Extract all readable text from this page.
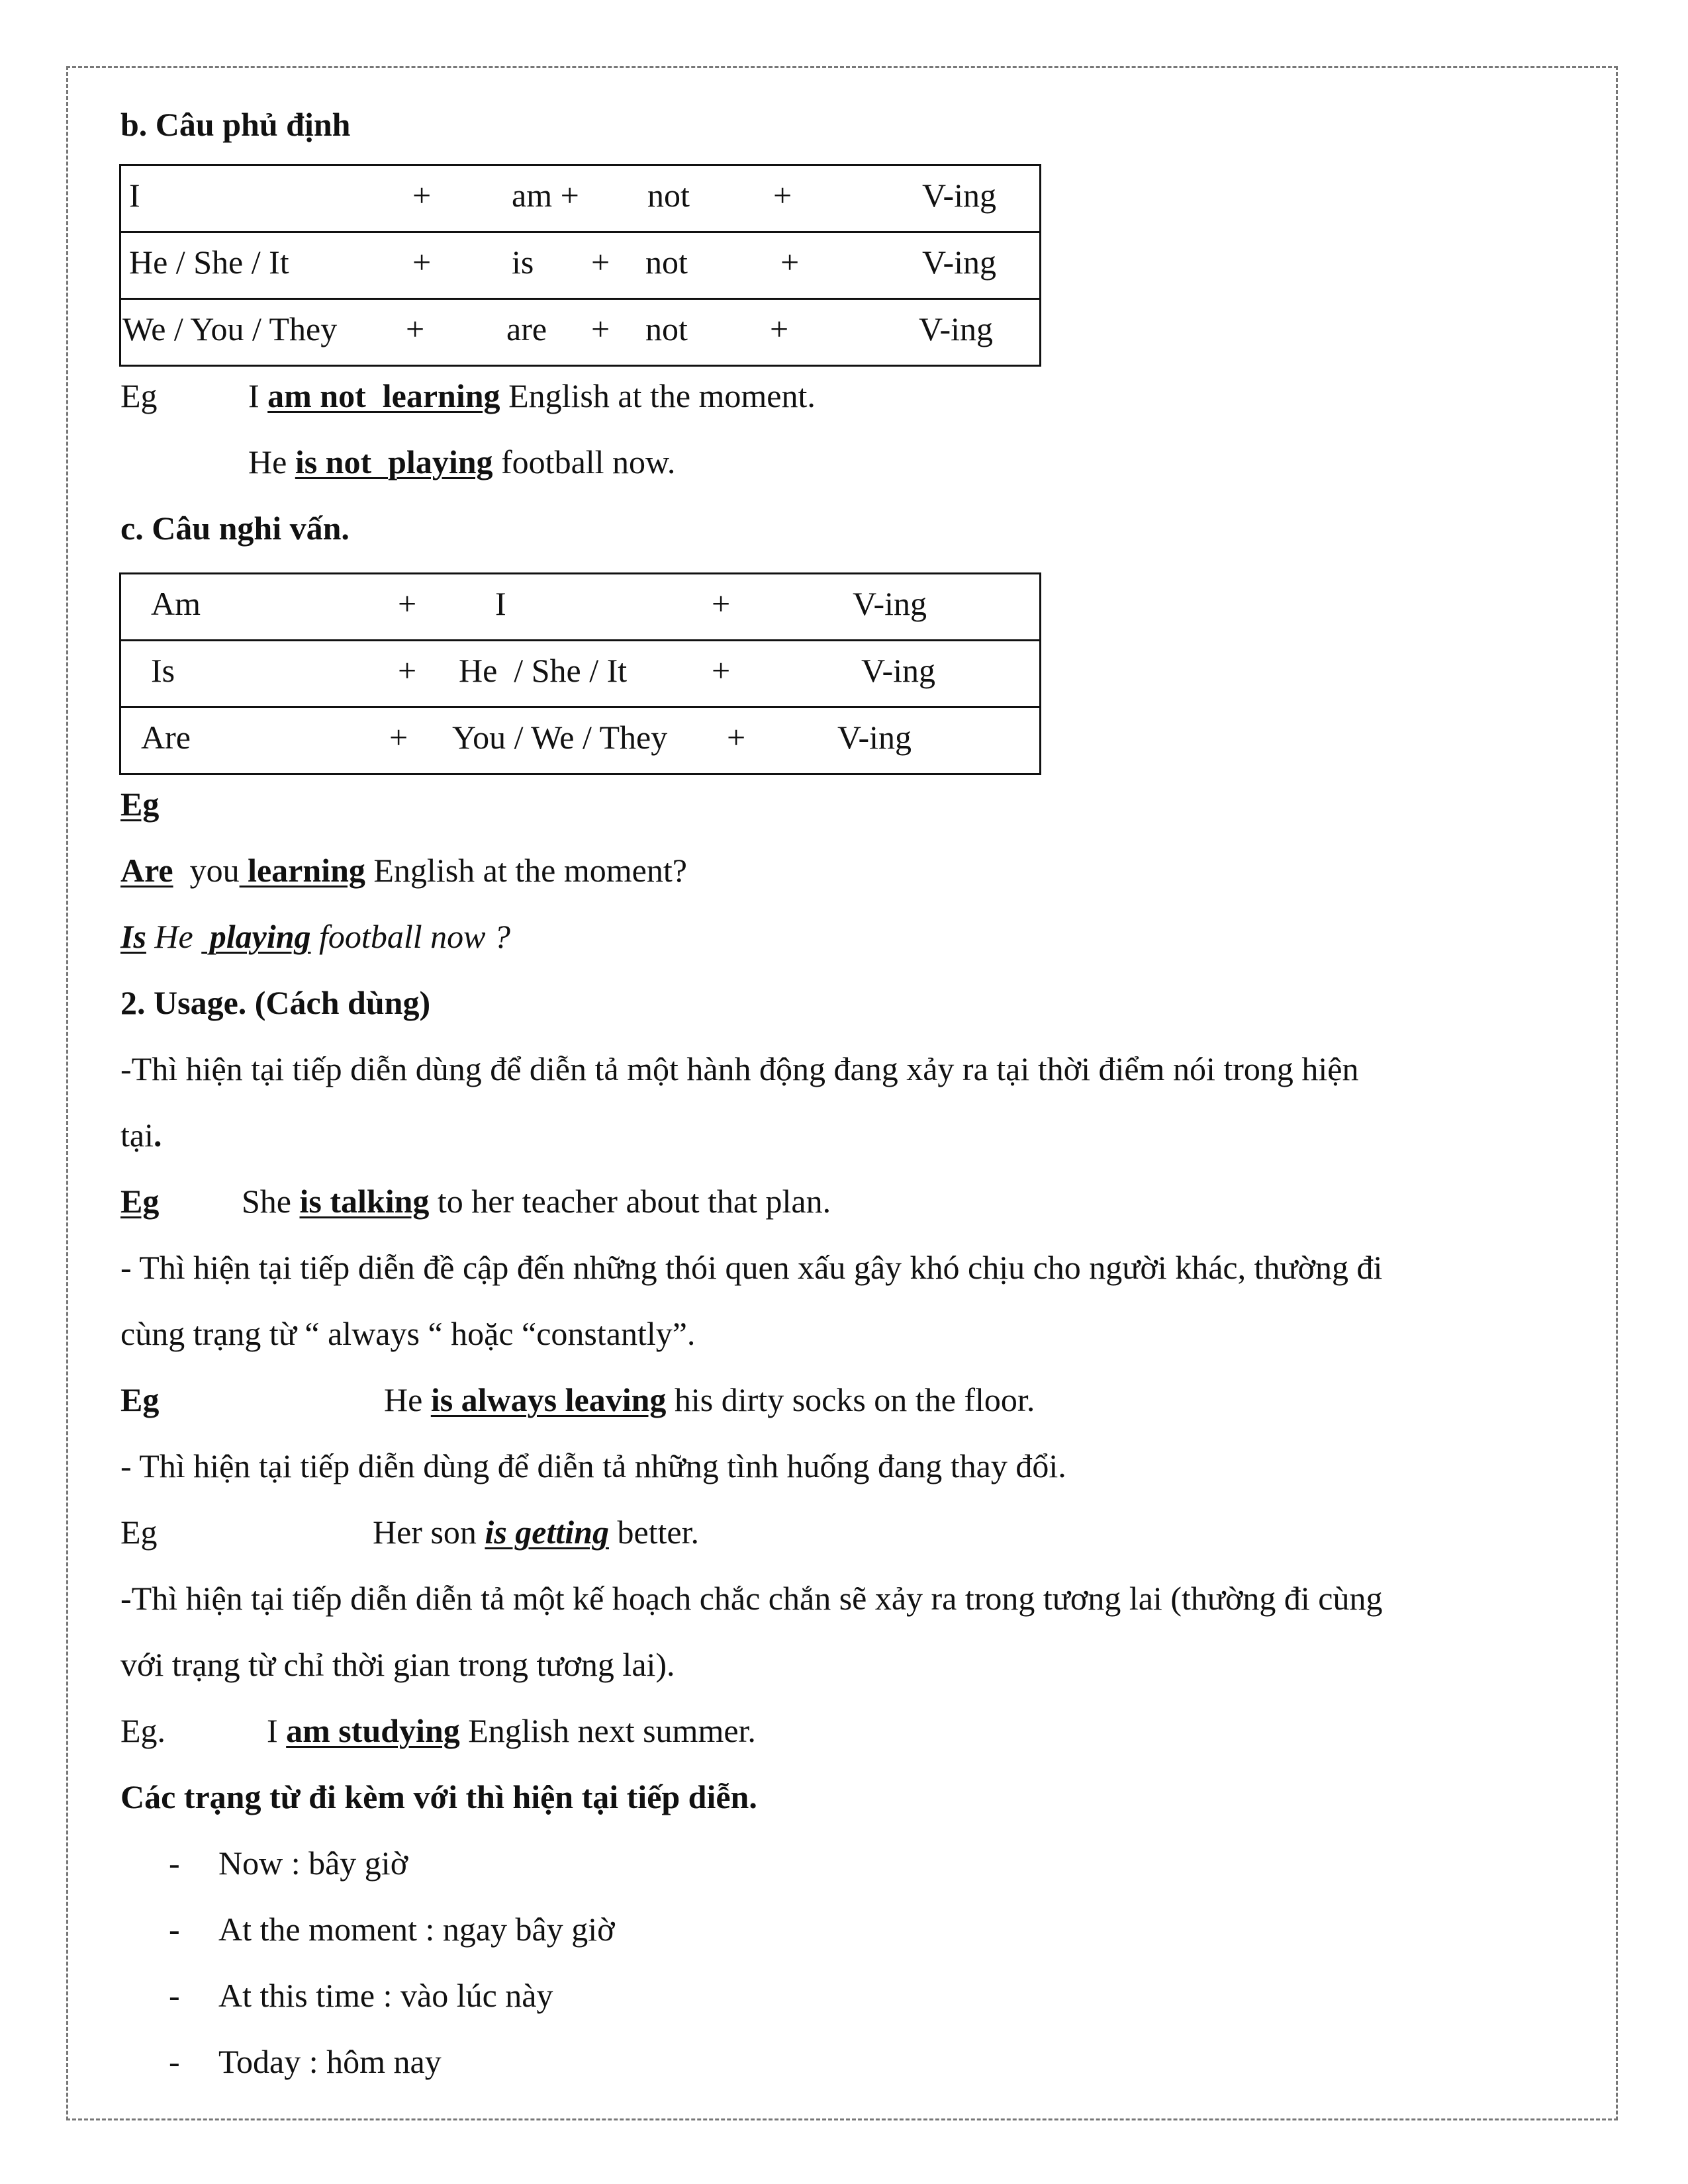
b. Câu phủ định
I	+ am + not	+	V-ing

He / She / It	+ is + not	+	V-ing

We / You / They + are + not +	V-ing
Eg	I am not  learning English at the moment.
He is not  playing football now.
c. Câu nghi vấn.
Am	+ I	+	V-ing

Is	+ He  / She / It	+	V-ing

Are	+ You / We / They +	V-ing
Eg
Are  you learning English at the moment?
Is He  playing football now ?
2. Usage. (Cách dùng)
-Thì hiện tại tiếp diễn dùng để diễn tả một hành động đang xảy ra tại thời điểm nói trong hiện
tại.
Eg She is talking to her teacher about that plan.
- Thì hiện tại tiếp diễn đề cập đến những thói quen xấu gây khó chịu cho người khác, thường đi
cùng trạng từ “ always “ hoặc “constantly”.
Eg	He is always leaving his dirty socks on the floor.
- Thì hiện tại tiếp diễn dùng để diễn tả những tình huống đang thay đổi.
Eg	Her son is getting better.
-Thì hiện tại tiếp diễn diễn tả một kế hoạch chắc chắn sẽ xảy ra trong tương lai (thường đi cùng
với trạng từ chỉ thời gian trong tương lai).
Eg.	I am studying English next summer.
Các trạng từ đi kèm với thì hiện tại tiếp diễn.
- Now : bây giờ
- At the moment : ngay bây giờ
- At this time : vào lúc này
- Today : hôm nay
